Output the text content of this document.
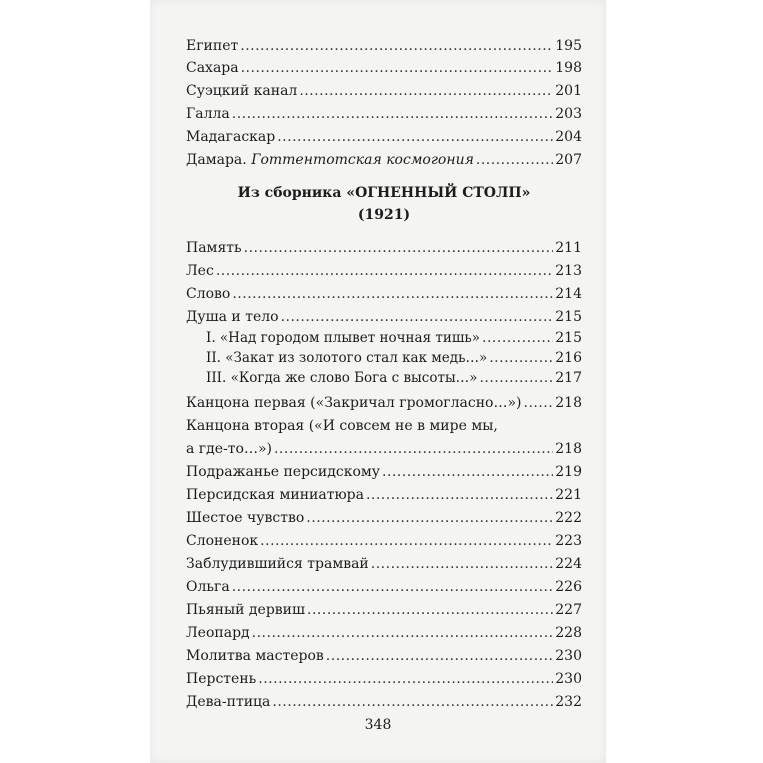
Египет .....	195
Сахара .....	198
Суэцкий канал .....	201
Галла .....	203
Мадагаскар .....	204
Дамара. Готтентотская космогония .....	207
Из сборника «ОГНЕННЫЙ СТОЛП»
(1921)
Память .....	211
Лес .....	213
Слово .....	214
Душа и тело .....	215
I. «Над городом плывет ночная тишь» .....	215
II. «Закат из золотого стал как медь…» .....	216
III. «Когда же слово Бога с высоты…» .....	217
Канцона первая («Закричал громогласно…») ..... 218
Канцона вторая («И совсем не в мире мы,
а где-то…») .....	218
Подражанье персидскому .....	219
Персидская миниатюра .....	221
Шестое чувство .....	222
Слоненок .....	223
Заблудившийся трамвай .....	224
Ольга .....	226
Пьяный дервиш .....	227
Леопард .....	228
Молитва мастеров .....	230
Перстень .....	230
Дева-птица .....	232
348
